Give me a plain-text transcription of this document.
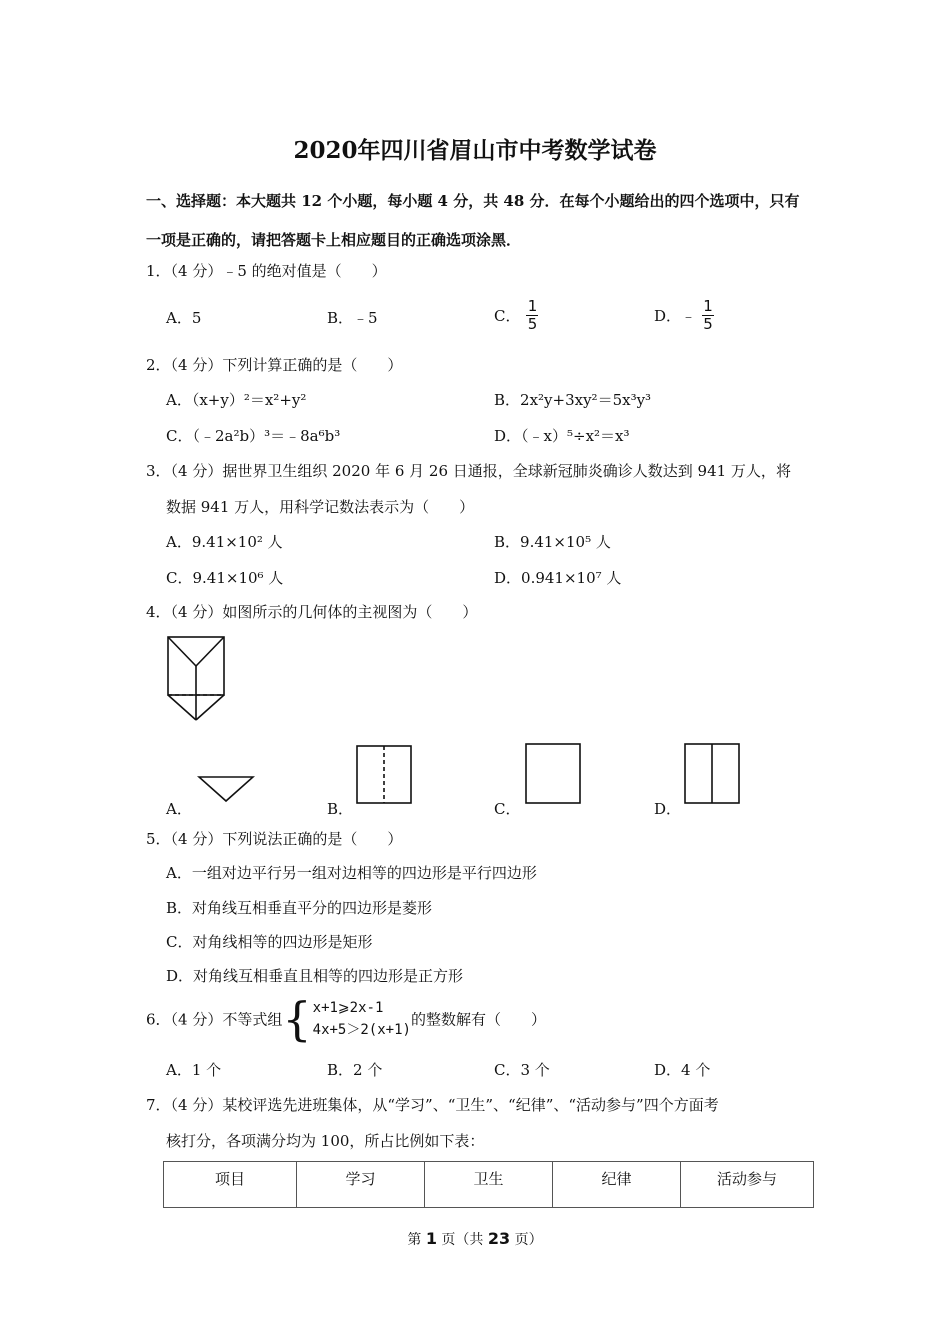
2020年四川省眉山市中考数学试卷
一、选择题：本大题共 12 个小题，每小题 4 分，共 48 分．在每个小题给出的四个选项中，只有
一项是正确的，请把答题卡上相应题目的正确选项涂黑．
1．（4 分）﹣5 的绝对值是（　　）
A．5	B．﹣5	C． $\frac{1}{5}$	D．﹣ $\frac{1}{5}$
2．（4 分）下列计算正确的是（　　）
A．（x+y）²＝x²+y²	B．2x²y+3xy²＝5x³y³
C．（﹣2a²b）³＝﹣8a⁶b³	D．（﹣x）⁵÷x²＝x³
3．（4 分）据世界卫生组织 2020 年 6 月 26 日通报，全球新冠肺炎确诊人数达到 941 万人，将
数据 941 万人，用科学记数法表示为（　　）
A．9.41×10² 人	B．9.41×10⁵ 人
C．9.41×10⁶ 人	D．0.941×10⁷ 人
4．（4 分）如图所示的几何体的主视图为（　　）
A．	B．	C．	D．
5．（4 分）下列说法正确的是（　　）
A．一组对边平行另一组对边相等的四边形是平行四边形
B．对角线互相垂直平分的四边形是菱形
C．对角线相等的四边形是矩形
D．对角线互相垂直且相等的四边形是正方形
6．（4 分）不等式组 { x+1⩾2x-1
4x+5＞2(x+1)
的整数解有（　　）
A．1 个	B．2 个	C．3 个	D．4 个
7．（4 分）某校评选先进班集体，从“学习”、“卫生”、“纪律”、“活动参与”四个方面考
核打分，各项满分均为 100，所占比例如下表：
项目	学习	卫生	纪律	活动参与
第 1 页（共 23 页）
